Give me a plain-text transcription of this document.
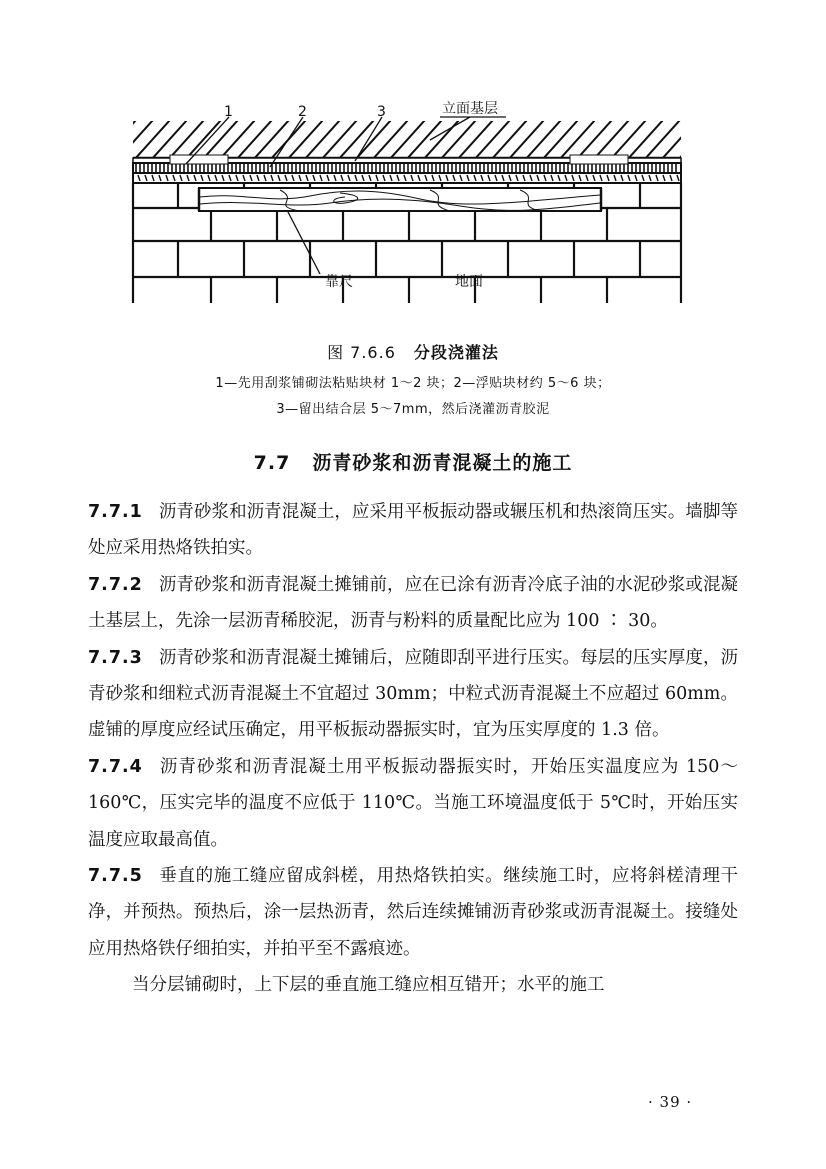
1	2	3	立面基层
靠尺	地面
图 7.6.6 分段浇灌法
1—先用刮浆铺砌法粘贴块材 1～2 块；2—浮贴块材约 5～6 块；
3—留出结合层 5～7mm，然后浇灌沥青胶泥
7.7 沥青砂浆和沥青混凝土的施工

7.7.1 沥青砂浆和沥青混凝土，应采用平板振动器或辗压机和热滚筒压实。墙脚等处应采用热烙铁拍实。

7.7.2 沥青砂浆和沥青混凝土摊铺前，应在已涂有沥青冷底子油的水泥砂浆或混凝土基层上，先涂一层沥青稀胶泥，沥青与粉料的质量配比应为 100 ∶ 30。

7.7.3 沥青砂浆和沥青混凝土摊铺后，应随即刮平进行压实。每层的压实厚度，沥青砂浆和细粒式沥青混凝土不宜超过 30mm；中粒式沥青混凝土不应超过 60mm。虚铺的厚度应经试压确定，用平板振动器振实时，宜为压实厚度的 1.3 倍。

7.7.4 沥青砂浆和沥青混凝土用平板振动器振实时，开始压实温度应为 150～160℃，压实完毕的温度不应低于 110℃。当施工环境温度低于 5℃时，开始压实温度应取最高值。

7.7.5 垂直的施工缝应留成斜槎，用热烙铁拍实。继续施工时，应将斜槎清理干净，并预热。预热后，涂一层热沥青，然后连续摊铺沥青砂浆或沥青混凝土。接缝处应用热烙铁仔细拍实，并拍平至不露痕迹。

当分层铺砌时，上下层的垂直施工缝应相互错开；水平的施工

· 39 ·
